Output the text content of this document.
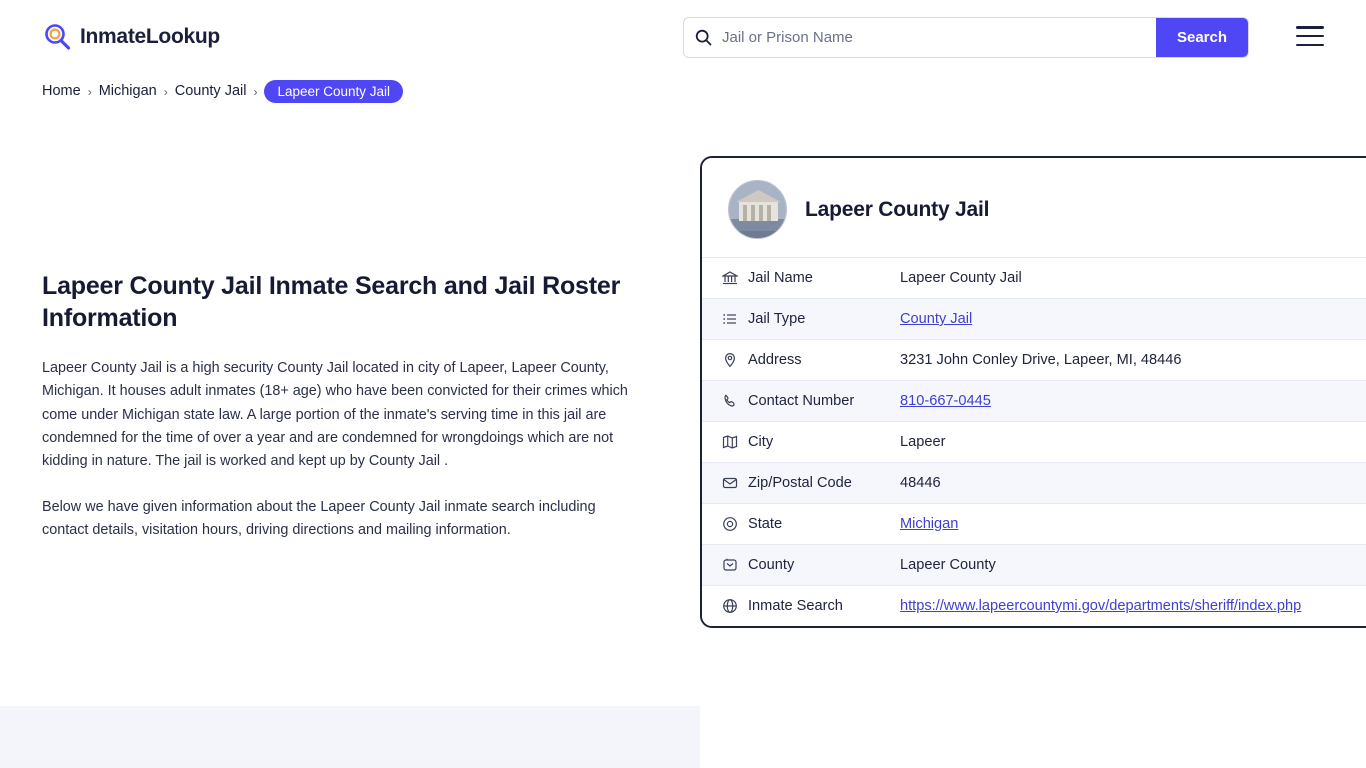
InmateLookup
Jail or Prison Name	Search
Home › Michigan › County Jail ›	Lapeer County Jail
Lapeer County Jail Inmate Search and Jail Roster Information

Lapeer County Jail is a high security County Jail located in city of Lapeer, Lapeer County, Michigan. It houses adult inmates (18+ age) who have been convicted for their crimes which come under Michigan state law. A large portion of the inmate's serving time in this jail are condemned for the time of over a year and are condemned for wrongdoings which are not kidding in nature. The jail is worked and kept up by County Jail .

Below we have given information about the Lapeer County Jail inmate search including contact details, visitation hours, driving directions and mailing information.

Lapeer County Jail
Jail Name	Lapeer County Jail
Jail Type	County Jail
Address	3231 John Conley Drive, Lapeer, MI, 48446
Contact Number	810-667-0445
City	Lapeer
Zip/Postal Code	48446
State	Michigan
County	Lapeer County
Inmate Search	https://www.lapeercountymi.gov/departments/sheriff/index.php
